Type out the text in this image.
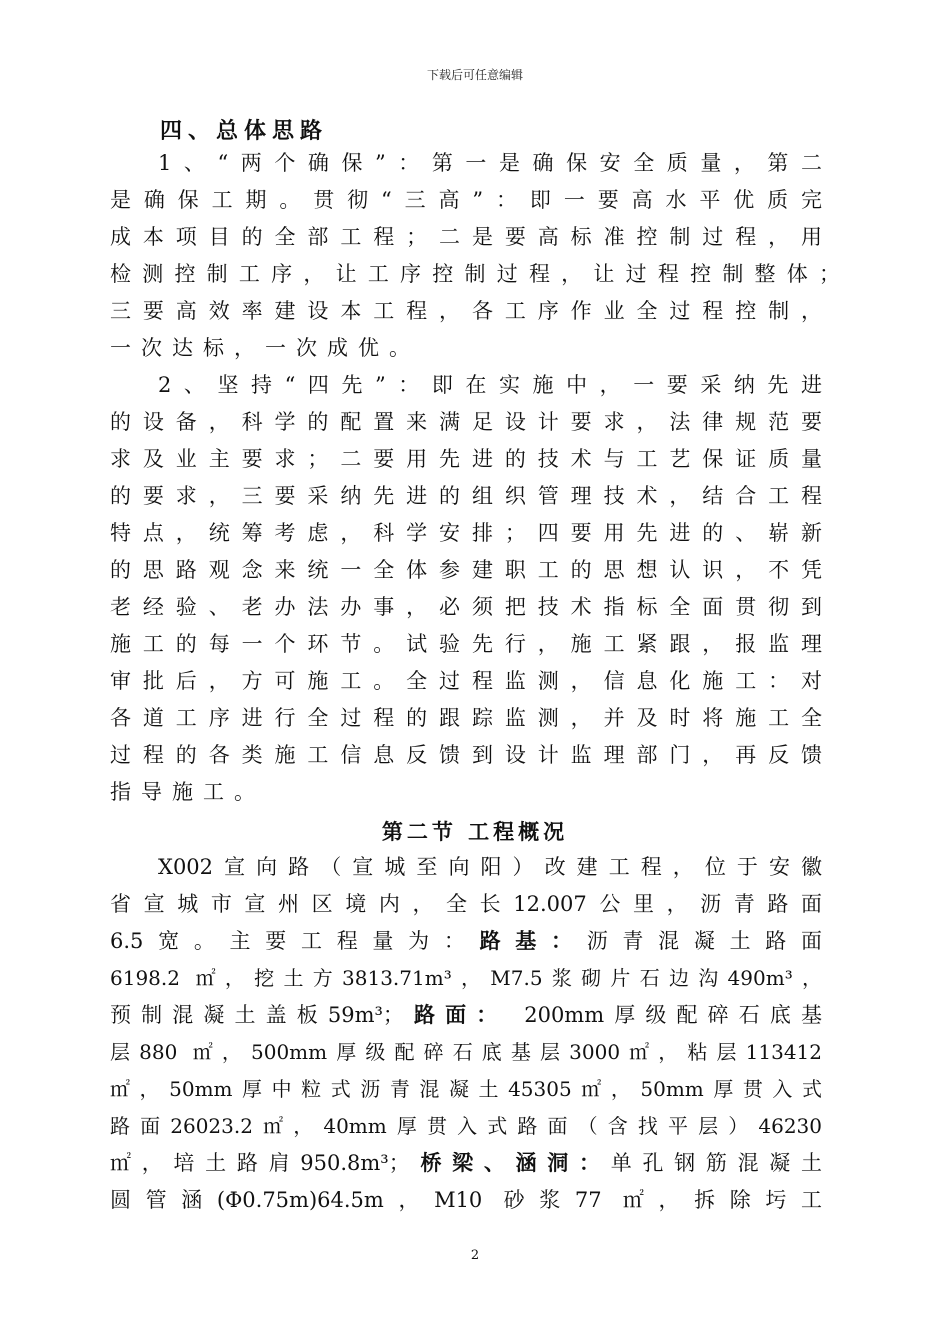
下载后可任意编辑
四、总体思路
1、“两个确保”：第一是确保安全质量，第二
是确保工期。贯彻“三高”：即一要高水平优质完
成本项目的全部工程；二是要高标准控制过程，用
检测控制工序，让工序控制过程，让过程控制整体；
三要高效率建设本工程，各工序作业全过程控制，
一次达标，一次成优。
2、坚持“四先”：即在实施中，一要采纳先进
的设备，科学的配置来满足设计要求，法律规范要
求及业主要求；二要用先进的技术与工艺保证质量
的要求，三要采纳先进的组织管理技术，结合工程
特点，统筹考虑，科学安排；四要用先进的、崭新
的思路观念来统一全体参建职工的思想认识，不凭
老经验、老办法办事，必须把技术指标全面贯彻到
施工的每一个环节。试验先行，施工紧跟，报监理
审批后，方可施工。全过程监测，信息化施工：对
各道工序进行全过程的跟踪监测，并及时将施工全
过程的各类施工信息反馈到设计监理部门，再反馈
指导施工。
第二节 工程概况
X002宣向路（宣城至向阳）改建工程，位于安徽
省宣城市宣州区境内，全长12.007公里，沥青路面
6.5宽。主要工程量为：路基：沥青混凝土路面
6198.2 ㎡，挖土方3813.71m³，M7.5浆砌片石边沟490m³，
预制混凝土盖板59m³；路面： 200mm厚级配碎石底基
层880 ㎡，500mm厚级配碎石底基层3000㎡，粘层113412
㎡，50mm厚中粒式沥青混凝土45305㎡，50mm厚贯入式
路面26023.2㎡，40mm厚贯入式路面（含找平层）46230
㎡，培土路肩950.8m³；桥梁、涵洞：单孔钢筋混凝土
圆管涵(Φ0.75m)64.5m，M10 砂浆77 ㎡，拆除圬工
2
